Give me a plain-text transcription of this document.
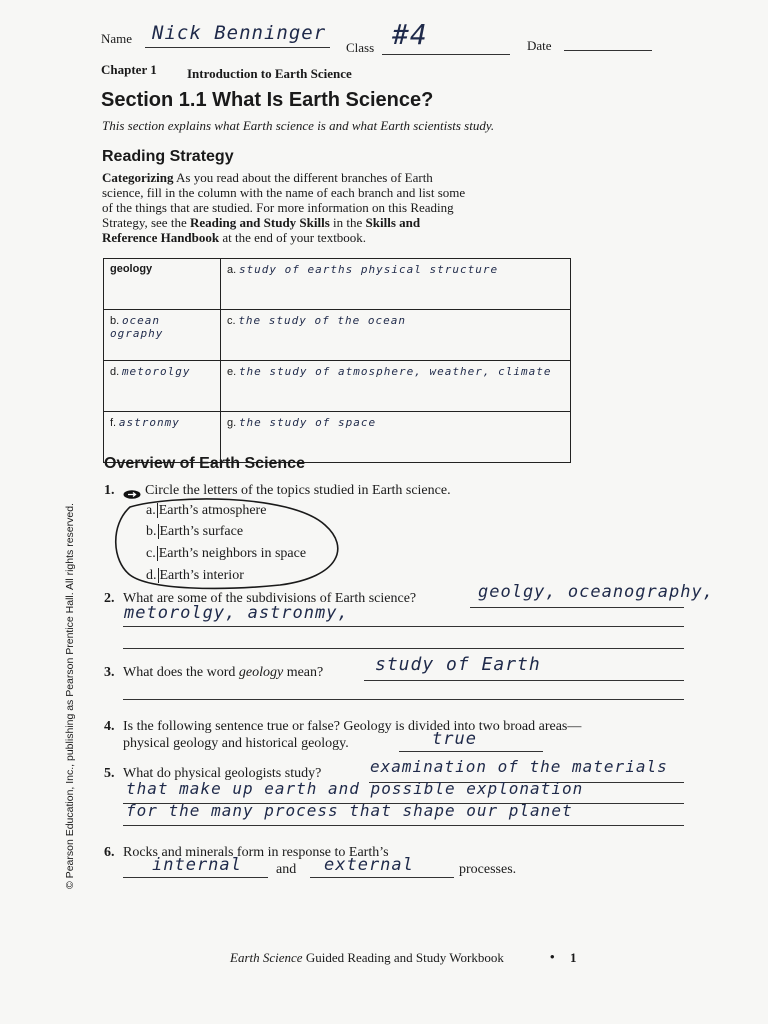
Name Nick Benninger
Class #4	Date
Chapter 1 Introduction to Earth Science
Section 1.1 What Is Earth Science?
This section explains what Earth science is and what Earth scientists study.
Reading Strategy
Categorizing As you read about the different branches of Earth
science, fill in the column with the name of each branch and list some
of the things that are studied. For more information on this Reading
Strategy, see the Reading and Study Skills in the Skills and
Reference Handbook at the end of your textbook.
geology	a. study of earths physical structure
b. ocean ography	c. the study of the ocean
d. metorolgy	e. the study of atmosphere, weather, climate
f. astronmy	g. the study of space
Overview of Earth Science
1. Circle the letters of the topics studied in Earth science.
a. Earth’s atmosphere
b. Earth’s surface
c. Earth’s neighbors in space
d. Earth’s interior
2. What are some of the subdivisions of Earth science?	geolgy, oceanography,
metorolgy, astronmy,
3. What does the word geology mean?	study of Earth
4. Is the following sentence true or false? Geology is divided into two broad areas—
physical geology and historical geology.	true
5. What do physical geologists study?	examination of the materials
that make up earth and possible explonation
for the many process that shape our planet
6. Rocks and minerals form in response to Earth’s
internal and external	processes.
Earth Science Guided Reading and Study Workbook	• 1
© Pearson Education, Inc., publishing as Pearson Prentice Hall. All rights reserved.
